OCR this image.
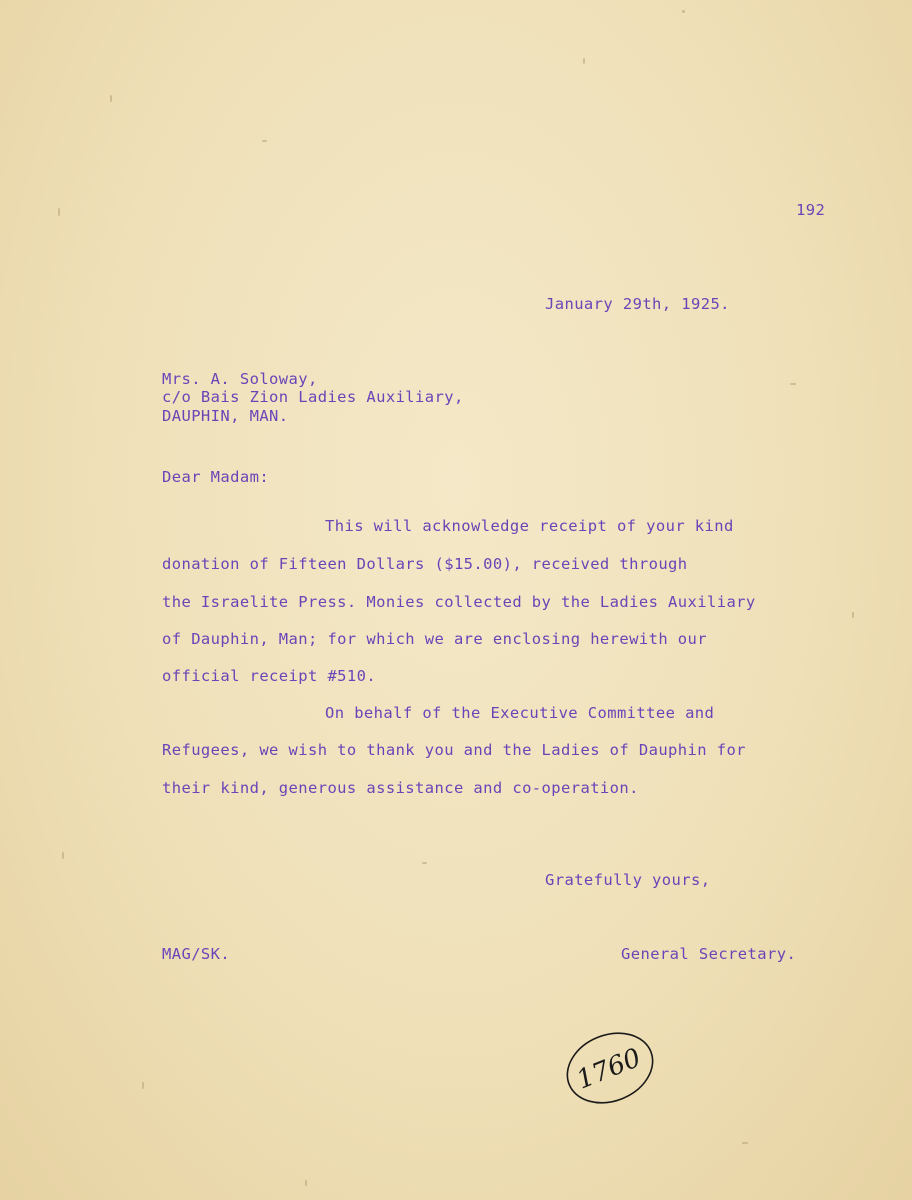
192
January 29th, 1925.
Mrs. A. Soloway,
c/o Bais Zion Ladies Auxiliary,
DAUPHIN, MAN.
Dear Madam:
This will acknowledge receipt of your kind
donation of Fifteen Dollars ($15.00), received through
the Israelite Press. Monies collected by the Ladies Auxiliary
of Dauphin, Man; for which we are enclosing herewith our
official receipt #510.
On behalf of the Executive Committee and
Refugees, we wish to thank you and the Ladies of Dauphin for
their kind, generous assistance and co-operation.
Gratefully yours,
MAG/SK.	General Secretary.
1760
